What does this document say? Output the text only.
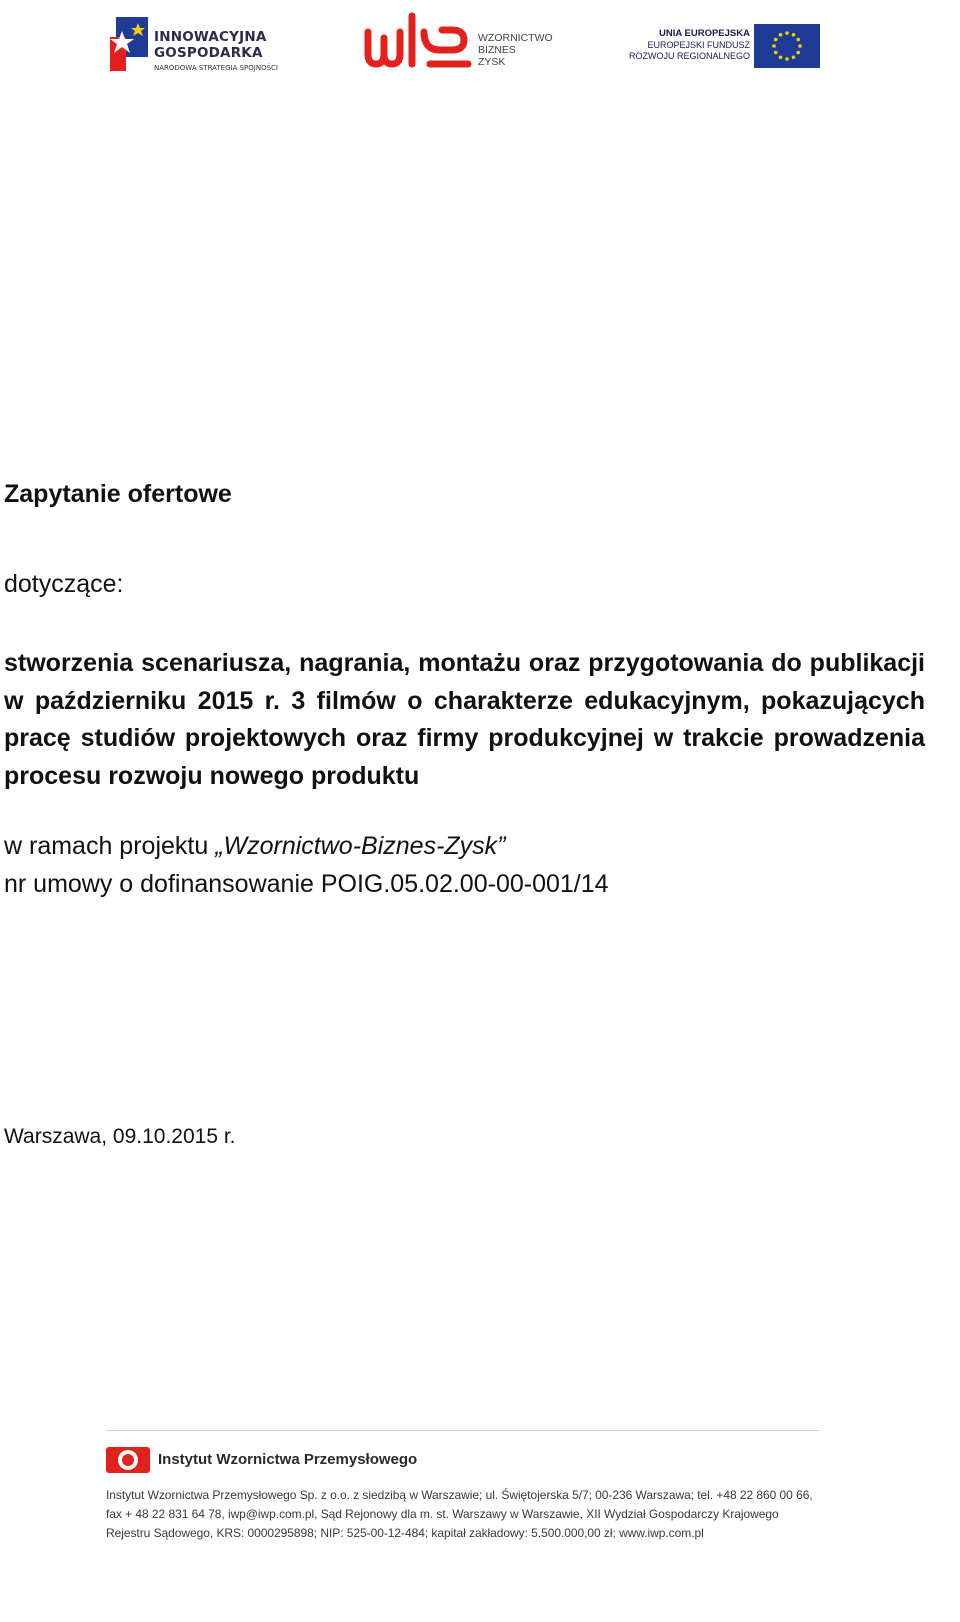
INNOWACYJNA
GOSPODARKA
NARODOWA STRATEGIA SPÓJNOŚCI
WZORNICTWO
BIZNES
ZYSK
UNIA EUROPEJSKA
EUROPEJSKI FUNDUSZ
ROZWOJU REGIONALNEGO
Zapytanie ofertowe

dotyczące:

stworzenia scenariusza, nagrania, montażu oraz przygotowania do publikacji w październiku 2015 r. 3 filmów o charakterze edukacyjnym, pokazujących pracę studiów projektowych oraz firmy produkcyjnej w trakcie prowadzenia procesu rozwoju nowego produktu

w ramach projektu „Wzornictwo-Biznes-Zysk”

nr umowy o dofinansowanie POIG.05.02.00-00-001/14

Warszawa, 09.10.2015 r.

Instytut Wzornictwa Przemysłowego
Instytut Wzornictwa Przemysłowego Sp. z o.o. z siedzibą w Warszawie; ul. Świętojerska 5/7; 00-236 Warszawa; tel. +48 22 860 00 66,
fax + 48 22 831 64 78, iwp@iwp.com.pl, Sąd Rejonowy dla m. st. Warszawy w Warszawie, XII Wydział Gospodarczy Krajowego
Rejestru Sądowego, KRS: 0000295898; NIP: 525-00-12-484; kapitał zakładowy: 5.500.000,00 zł; www.iwp.com.pl
